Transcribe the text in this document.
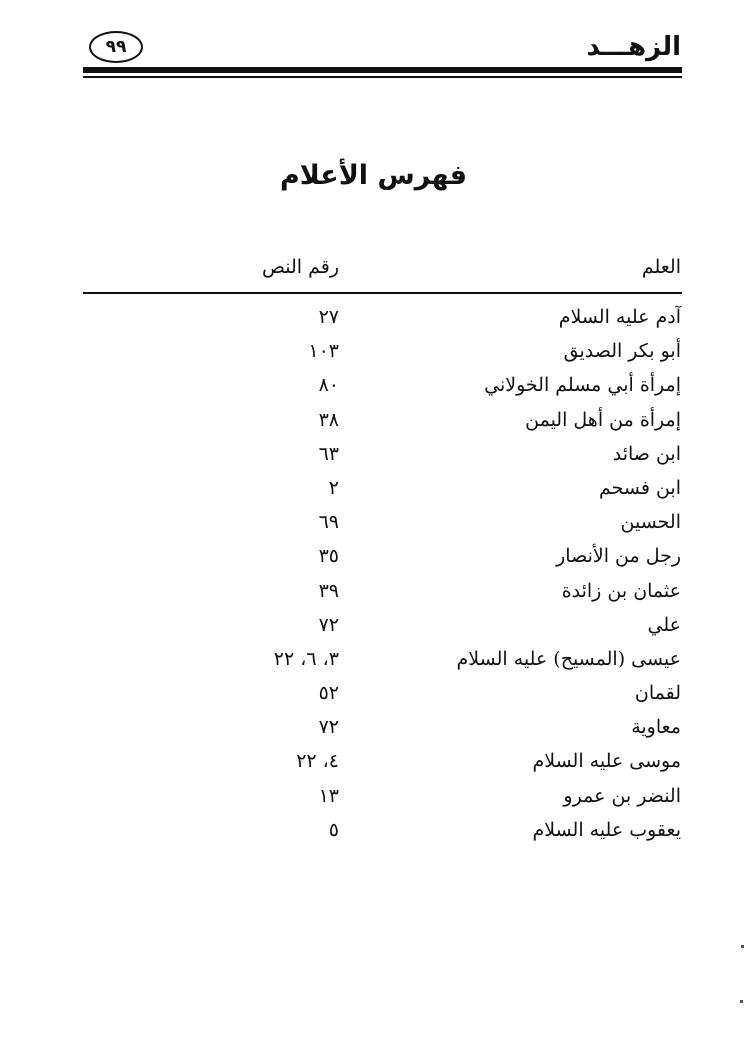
الزهـــد
٩٩
فهرس الأعلام
العلم
رقم النص
آدم عليه السلام
٢٧
أبو بكر الصديق
١٠٣
إمرأة أبي مسلم الخولاني
٨٠
إمرأة من أهل اليمن
٣٨
ابن صائد
٦٣
ابن فسحم
٢
الحسين
٦٩
رجل من الأنصار
٣٥
عثمان بن زائدة
٣٩
علي
٧٢
عيسى (المسيح) عليه السلام
٣، ٦، ٢٢
لقمان
٥٢
معاوية
٧٢
موسى عليه السلام
٤، ٢٢
النضر بن عمرو
١٣
يعقوب عليه السلام
٥
